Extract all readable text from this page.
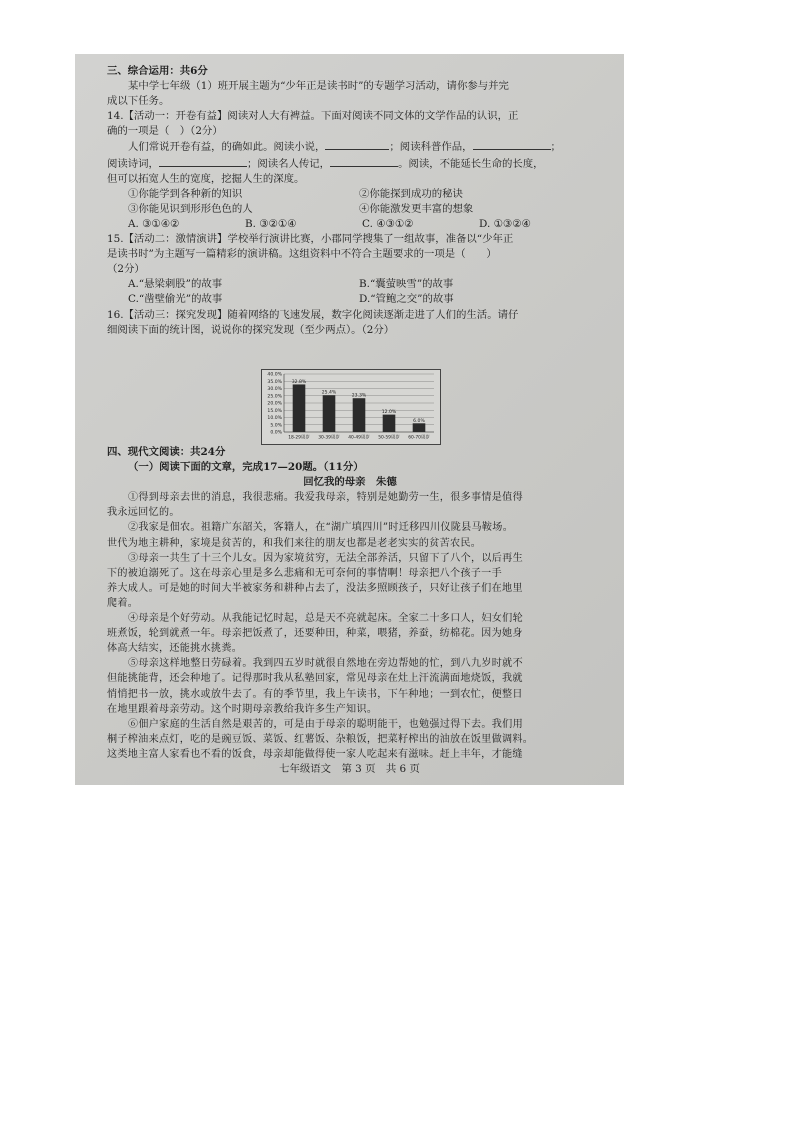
三、综合运用：共6分
某中学七年级（1）班开展主题为“少年正是读书时”的专题学习活动，请你参与并完
成以下任务。
14.【活动一：开卷有益】阅读对人大有裨益。下面对阅读不同文体的文学作品的认识，正
确的一项是（　）（2分）
人们常说开卷有益，的确如此。阅读小说，	；阅读科普作品，	；
阅读诗词，	；阅读名人传记，	。阅读，不能延长生命的长度，
但可以拓宽人生的宽度，挖掘人生的深度。
①你能学到各种新的知识	②你能探到成功的秘诀
③你能见识到形形色色的人	④你能激发更丰富的想象
A. ③①④②	B. ③②①④	C. ④③①②	D. ①③②④
15.【活动二：激情演讲】学校举行演讲比赛，小郡同学搜集了一组故事，准备以“少年正
是读书时”为主题写一篇精彩的演讲稿。这组资料中不符合主题要求的一项是（　　）
（2分）
A.“悬梁刺股”的故事	B.“囊萤映雪”的故事
C.“凿壁偷光”的故事	D.“管鲍之交”的故事
16.【活动三：探究发现】随着网络的飞速发展，数字化阅读逐渐走进了人们的生活。请仔
细阅读下面的统计图，说说你的探究发现（至少两点）。（2分）
40.0%
35.0%
30.0%
25.0%
20.0%
15.0%
10.0%
5.0%
0.0%
32.8%
18-29周岁
25.4%
30-39周岁
23.3%
40-49周岁
12.0%
50-59周岁
6.0%
60-70周岁
四、现代文阅读：共24分
（一）阅读下面的文章，完成17—20题。（11分）
回忆我的母亲　朱德
①得到母亲去世的消息，我很悲痛。我爱我母亲，特别是她勤劳一生，很多事情是值得
我永远回忆的。
②我家是佃农。祖籍广东韶关，客籍人，在“湖广填四川”时迁移四川仪陇县马鞍场。
世代为地主耕种，家境是贫苦的，和我们来往的朋友也都是老老实实的贫苦农民。
③母亲一共生了十三个儿女。因为家境贫穷，无法全部养活，只留下了八个，以后再生
下的被迫溺死了。这在母亲心里是多么悲痛和无可奈何的事情啊！母亲把八个孩子一手
养大成人。可是她的时间大半被家务和耕种占去了，没法多照顾孩子，只好让孩子们在地里
爬着。
④母亲是个好劳动。从我能记忆时起，总是天不亮就起床。全家二十多口人，妇女们轮
班煮饭，轮到就煮一年。母亲把饭煮了，还要种田，种菜，喂猪，养蚕，纺棉花。因为她身
体高大结实，还能挑水挑粪。
⑤母亲这样地整日劳碌着。我到四五岁时就很自然地在旁边帮她的忙，到八九岁时就不
但能挑能背，还会种地了。记得那时我从私塾回家，常见母亲在灶上汗流满面地烧饭，我就
悄悄把书一放，挑水或放牛去了。有的季节里，我上午读书，下午种地；一到农忙，便整日
在地里跟着母亲劳动。这个时期母亲教给我许多生产知识。
⑥佃户家庭的生活自然是艰苦的，可是由于母亲的聪明能干，也勉强过得下去。我们用
桐子榨油来点灯，吃的是豌豆饭、菜饭、红薯饭、杂粮饭，把菜籽榨出的油放在饭里做调料。
这类地主富人家看也不看的饭食，母亲却能做得使一家人吃起来有滋味。赶上丰年，才能缝
七年级语文　第 3 页　共 6 页
